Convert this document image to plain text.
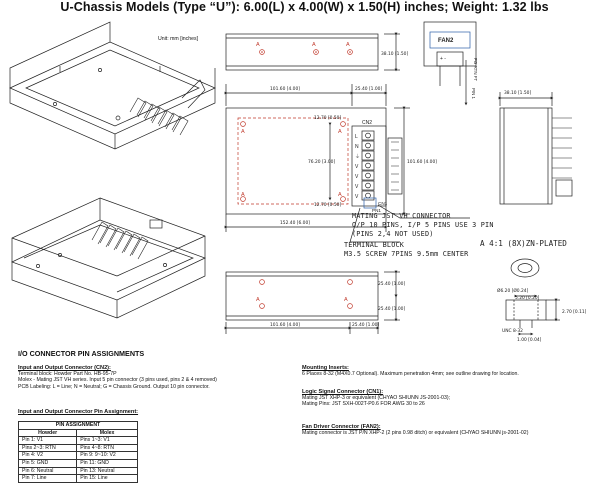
U-Chassis Models (Type “U”): 6.00(L) x 4.00(W) x 1.50(H) inches; Weight: 1.32 lbs
Unit: mm [inches]
A	A	A
A
A
A
A
A	A
L
N
⏚
V
V
V
V
CN2
CN1
PN1
FAN2
+ -	PG RTN FT
PIN 1
38.10 [1.50]
38.10 [1.50]
101.60 [4.00]	25.40 [1.00]
12.70 [0.50]
76.20 [3.00]
12.70 [0.50]
101.60 [4.00]
152.40 [6.00]
25.40 [1.00]
25.40 [1.00]
101.60 [4.00]	25.40 [1.00]
Ø6.20 [Ø0.24]
5.20 [0.20]
2.70 [0.11]
1.00 [0.04]
UNC 8-32
MATING JST VH CONNECTOR
O/P 10 PINS, I/P 5 PINS USE 3 PIN
(PINS 2,4 NOT USED)
TERMINAL BLOCK
M3.5 SCREW 7PINS 9.5mm CENTER
A 4:1 (8X)ZN-PLATED
I/O CONNECTOR PIN ASSIGNMENTS
Input and Output Connector (CN2):
Terminal block: Howder Part No. HB-95-7P
Molex - Mating JST VH series. Input 5 pin connector (3 pins used, pins 2 & 4 removed)
PCB Labeling: L = Line; N = Neutral; G = Chassis Ground. Output 10 pin connector.
Input and Output Connector Pin Assignment:
PIN ASSIGNMENT	
Howder	Molex
Pin 1: V1	Pins 1~3: V1
Pins 2~3: RTN	Pins 4~8: RTN
Pin 4: V2	Pin 9: 9~10: V2
Pin 5: GND	Pin 11: GND
Pin 6: Neutral	Pin 13: Neutral
Pin 7: Line	Pin 15: Line
Mounting Inserts:
6 Places 8-32 (M4X0.7 Optional). Maximum penetration 4mm; see outline drawing for location.
Logic Signal Connector (CN1):
Mating JST XHP-3 or equivalent (CHYAO SHIUNN JS-2001-03);
Mating Pins: JST SXH-002T-P0.6 FOR AWG 30 to 26
Fan Driver Connector (FAN2):
Mating connector is JST P/N XHP-2 (2 pins 0.98 ditch) or equivalent (CHYAO SHIUNN js-2001-02)
